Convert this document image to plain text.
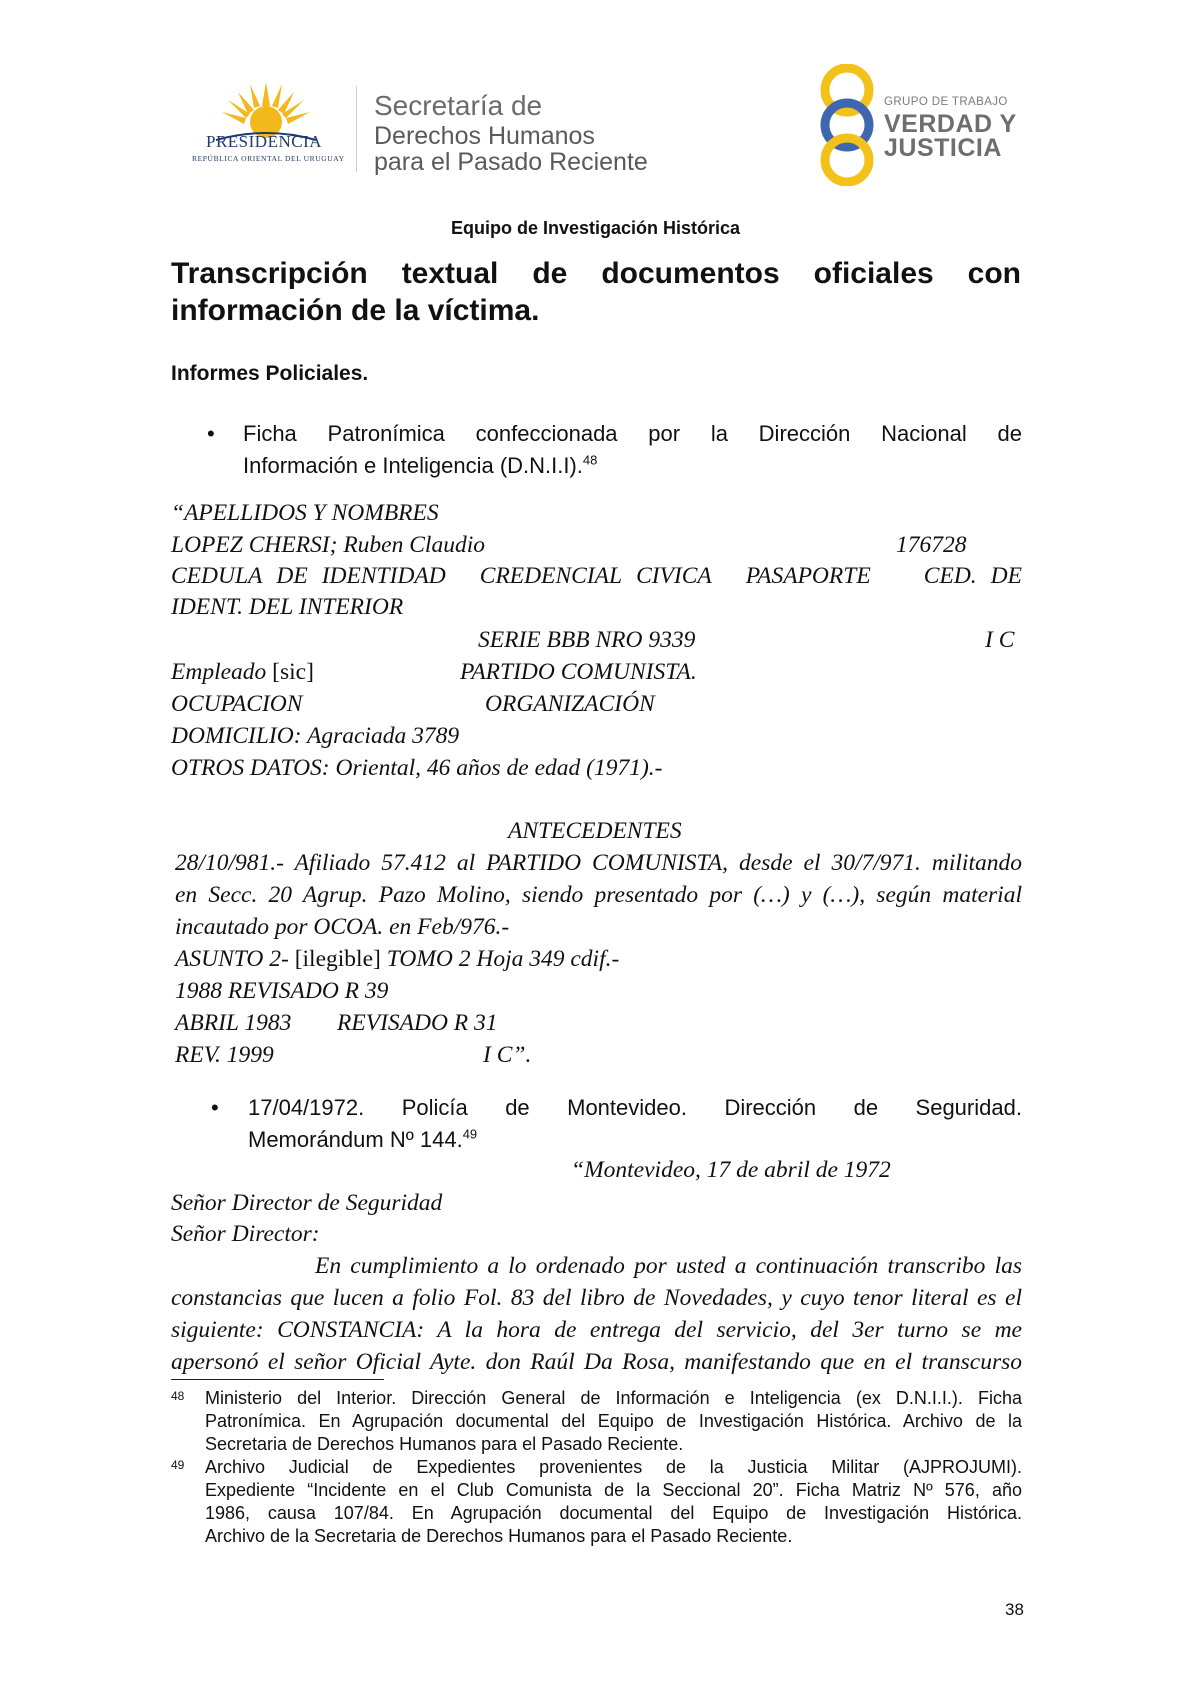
PRESIDENCIA
REPÚBLICA ORIENTAL DEL URUGUAY
Secretaría de
Derechos Humanos
para el Pasado Reciente
GRUPO DE TRABAJO
VERDAD Y
JUSTICIA
Equipo de Investigación Histórica
Transcripción textual de documentos oficiales con
información de la víctima.
Informes Policiales.
• Ficha Patronímica confeccionada por la Dirección Nacional de
Información e Inteligencia (D.N.I.I).$^{48}$
“APELLIDOS Y NOMBRES
LOPEZ CHERSI; Ruben Claudio	176728
CEDULA DE IDENTIDAD CREDENCIAL CIVICA PASAPORTE	CED. DE
IDENT. DEL INTERIOR
SERIE BBB NRO 9339	I C
Empleado [sic]	PARTIDO COMUNISTA.
OCUPACION	ORGANIZACIÓN
DOMICILIO: Agraciada 3789
OTROS DATOS: Oriental, 46 años de edad (1971).-
ANTECEDENTES
28/10/981.- Afiliado 57.412 al PARTIDO COMUNISTA, desde el 30/7/971. militando
en Secc. 20 Agrup. Pazo Molino, siendo presentado por (…) y (…), según material
incautado por OCOA. en Feb/976.-
ASUNTO 2- [ilegible] TOMO 2 Hoja 349 cdif.-
1988 REVISADO R 39
ABRIL 1983 REVISADO R 31
REV. 1999	I C”.
• 17/04/1972. Policía de Montevideo. Dirección de Seguridad.
Memorándum Nº 144.49
“Montevideo, 17 de abril de 1972
Señor Director de Seguridad
Señor Director:
En cumplimiento a lo ordenado por usted a continuación transcribo las
constancias que lucen a folio Fol. 83 del libro de Novedades, y cuyo tenor literal es el
siguiente: CONSTANCIA: A la hora de entrega del servicio, del 3er turno se me
apersonó el señor Oficial Ayte. don Raúl Da Rosa, manifestando que en el transcurso
48 Ministerio del Interior. Dirección General de Información e Inteligencia (ex D.N.I.I.). Ficha
Patronímica. En Agrupación documental del Equipo de Investigación Histórica. Archivo de la
Secretaria de Derechos Humanos para el Pasado Reciente.
49 Archivo Judicial de Expedientes provenientes de la Justicia Militar (AJPROJUMI).
Expediente “Incidente en el Club Comunista de la Seccional 20”. Ficha Matriz Nº 576, año
1986, causa 107/84. En Agrupación documental del Equipo de Investigación Histórica.
Archivo de la Secretaria de Derechos Humanos para el Pasado Reciente.
38
